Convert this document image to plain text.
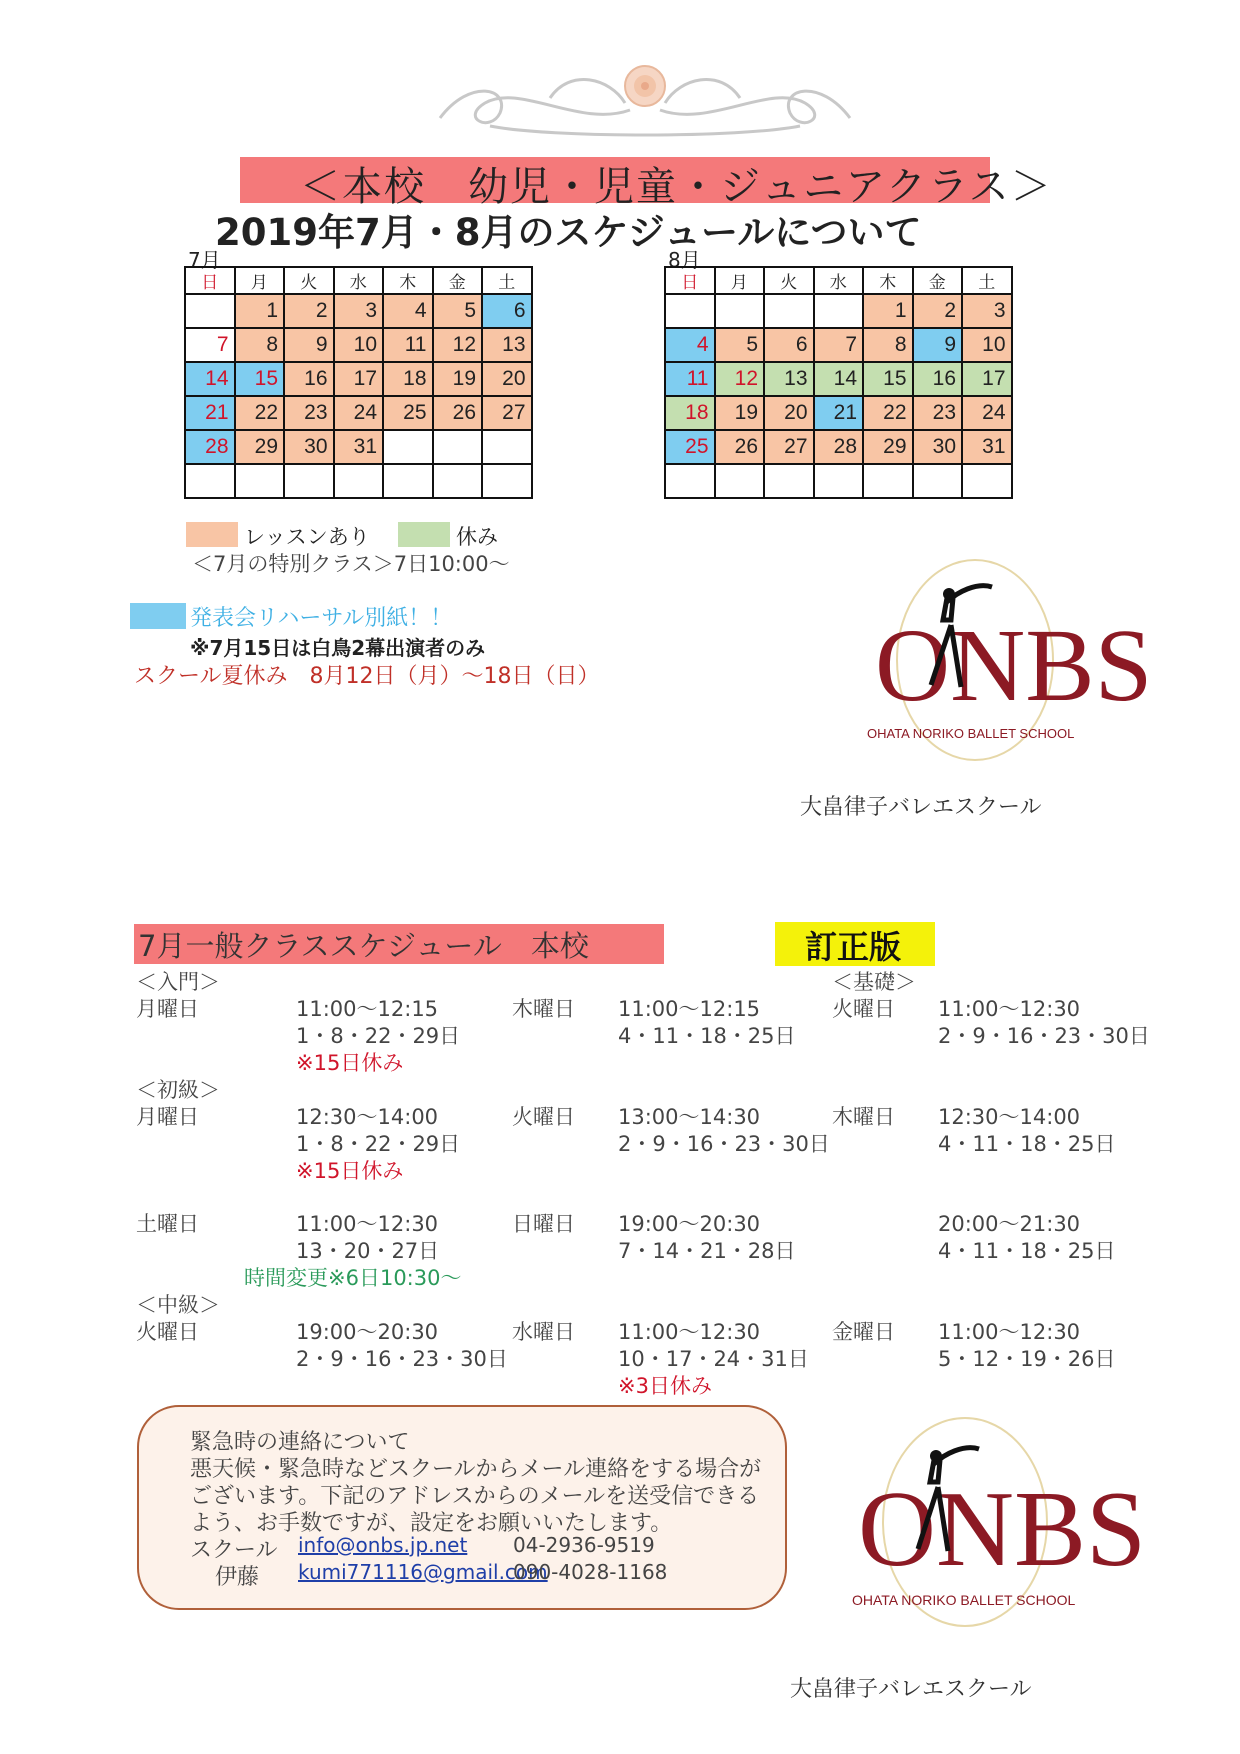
＜本校　幼児・児童・ジュニアクラス＞
2019年7月・8月のスケジュールについて
7月
日	月	火	水	木	金	土
	1	2	3	4	5	6
7	8	9	10	11	12	13
14	15	16	17	18	19	20
21	22	23	24	25	26	27
28	29	30	31			

8月
日	月	火	水	木	金	土
				1	2	3
4	5	6	7	8	9	10
11	12	13	14	15	16	17
18	19	20	21	22	23	24
25	26	27	28	29	30	31

レッスンあり	休み
＜7月の特別クラス＞7日10:00～
発表会リハーサル別紙！！
※7月15日は白鳥2幕出演者のみ
スクール夏休み　8月12日（月）～18日（日）	ONBS
OHATA NORIKO BALLET SCHOOL
大畠律子バレエスクール
7月一般クラススケジュール　本校	訂正版
＜入門＞
月曜日	11:00～12:15
1・8・22・29日
※15日休み
木曜日 11:00～12:15
4・11・18・25日
＜基礎＞
火曜日 11:00～12:30
2・9・16・23・30日
＜初級＞
月曜日	12:30～14:00
1・8・22・29日
※15日休み
火曜日 13:00～14:30
2・9・16・23・30日
木曜日 12:30～14:00
4・11・18・25日
土曜日	11:00～12:30
13・20・27日
時間変更※6日10:30～
日曜日 19:00～20:30
7・14・21・28日
20:00～21:30
4・11・18・25日
＜中級＞
火曜日	19:00～20:30
2・9・16・23・30日
水曜日 11:00～12:30
10・17・24・31日
※3日休み
金曜日 11:00～12:30
5・12・19・26日
緊急時の連絡について
悪天候・緊急時などスクールからメール連絡をする場合が
ございます。下記のアドレスからのメールを送受信できる
よう、お手数ですが、設定をお願いいたします。
スクール info@onbs.jp.net 04-2936-9519
伊藤 kumi771116@gmail.com
090-4028-1168 ONBS
OHATA NORIKO BALLET SCHOOL
大畠律子バレエスクール
